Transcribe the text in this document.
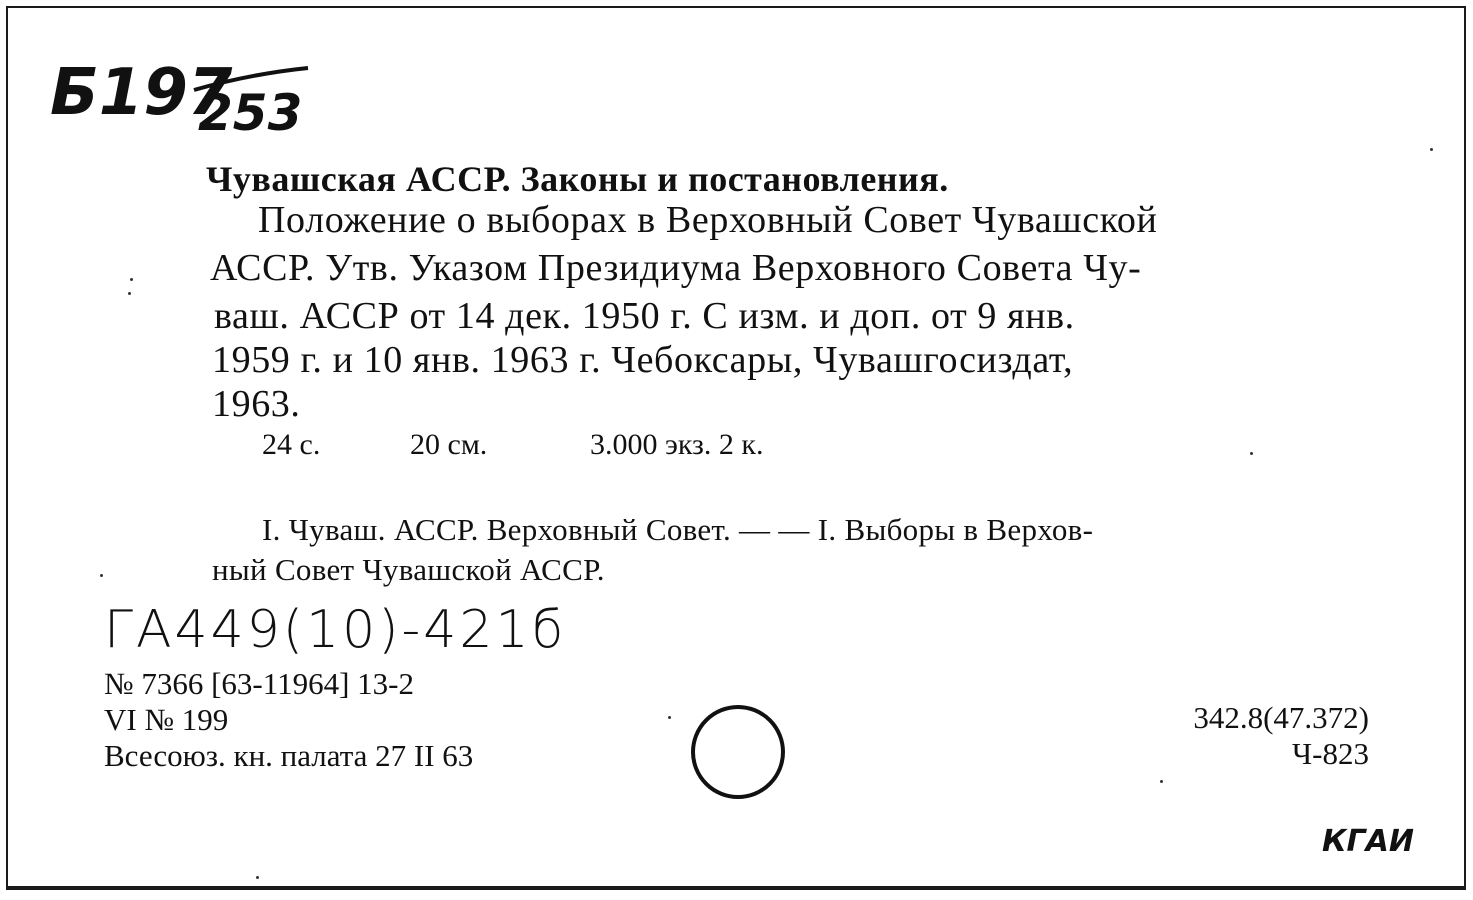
Б197
253
Чувашская АССР. Законы и постановления.
Положение о выборах в Верховный Совет Чувашской
АССР. Утв. Указом Президиума Верховного Совета Чу-
ваш. АССР от 14 дек. 1950 г. С изм. и доп. от 9 янв.
1959 г. и 10 янв. 1963 г. Чебоксары, Чувашгосиздат,
1963.
24 с.	20 см.	3.000 экз. 2 к.
I. Чуваш. АССР. Верховный Совет. — — I. Выборы в Верхов-
ный Совет Чувашской АССР.
ГА449(10)-421б
№ 7366 [63-11964] 13-2
VI № 199
Всесоюз. кн. палата 27 II 63
342.8(47.372)
Ч-823
КГАИ
